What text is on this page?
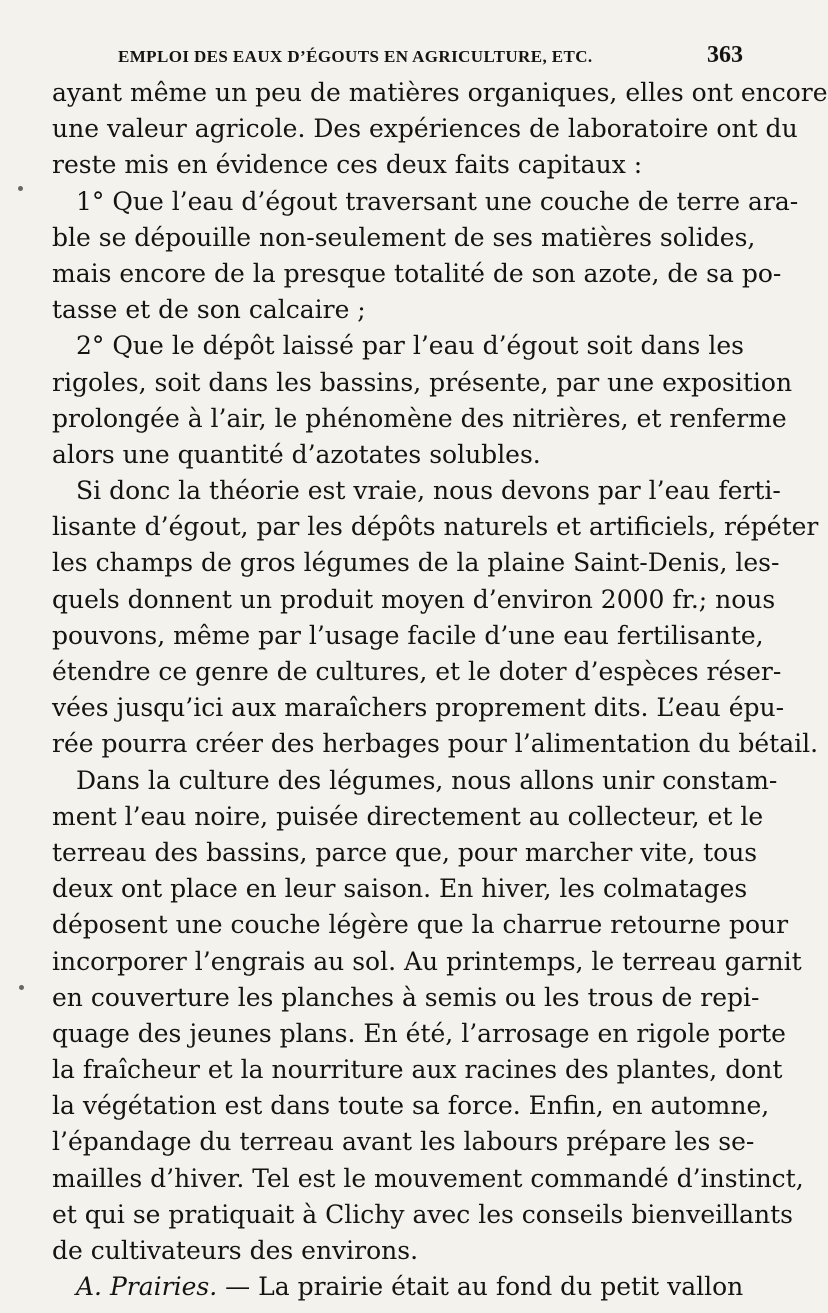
EMPLOI DES EAUX D’ÉGOUTS EN AGRICULTURE, ETC.	363
ayant même un peu de matières organiques, elles ont encore
une valeur agricole. Des expériences de laboratoire ont du
reste mis en évidence ces deux faits capitaux :
1° Que l’eau d’égout traversant une couche de terre ara-
ble se dépouille non-seulement de ses matières solides,
mais encore de la presque totalité de son azote, de sa po-
tasse et de son calcaire ;
2° Que le dépôt laissé par l’eau d’égout soit dans les
rigoles, soit dans les bassins, présente, par une exposition
prolongée à l’air, le phénomène des nitrières, et renferme
alors une quantité d’azotates solubles.
Si donc la théorie est vraie, nous devons par l’eau ferti-
lisante d’égout, par les dépôts naturels et artificiels, répéter
les champs de gros légumes de la plaine Saint-Denis, les-
quels donnent un produit moyen d’environ 2000 fr.; nous
pouvons, même par l’usage facile d’une eau fertilisante,
étendre ce genre de cultures, et le doter d’espèces réser-
vées jusqu’ici aux maraîchers proprement dits. L’eau épu-
rée pourra créer des herbages pour l’alimentation du bétail.
Dans la culture des légumes, nous allons unir constam-
ment l’eau noire, puisée directement au collecteur, et le
terreau des bassins, parce que, pour marcher vite, tous
deux ont place en leur saison. En hiver, les colmatages
déposent une couche légère que la charrue retourne pour
incorporer l’engrais au sol. Au printemps, le terreau garnit
en couverture les planches à semis ou les trous de repi-
quage des jeunes plans. En été, l’arrosage en rigole porte
la fraîcheur et la nourriture aux racines des plantes, dont
la végétation est dans toute sa force. Enfin, en automne,
l’épandage du terreau avant les labours prépare les se-
mailles d’hiver. Tel est le mouvement commandé d’instinct,
et qui se pratiquait à Clichy avec les conseils bienveillants
de cultivateurs des environs.
A. Prairies. — La prairie était au fond du petit vallon
